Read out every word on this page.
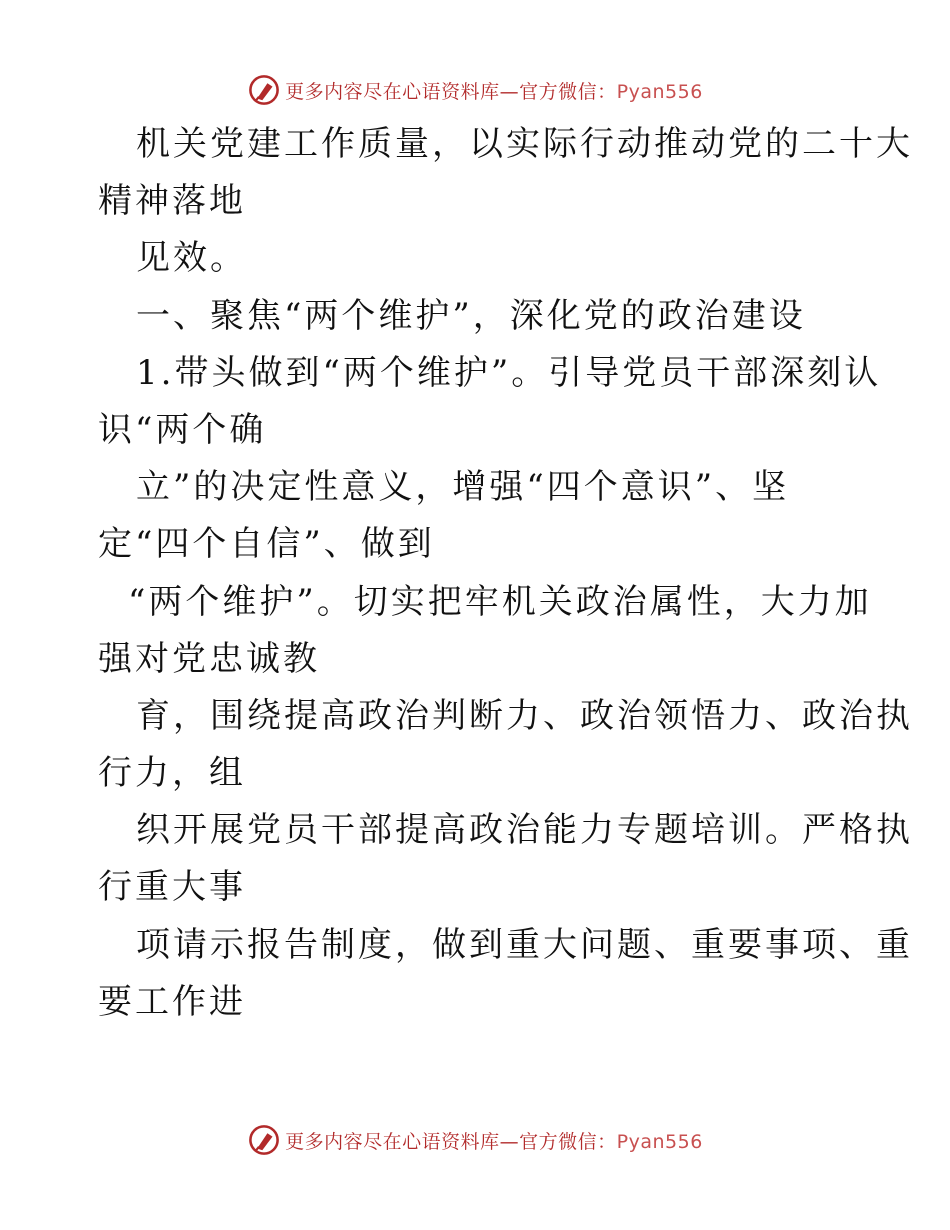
更多内容尽在心语资料库—官方微信：Pyan556
机关党建工作质量，以实际行动推动党的二十大
精神落地
见效。
一、聚焦“两个维护”，深化党的政治建设
1.带头做到“两个维护”。引导党员干部深刻认
识“两个确
立”的决定性意义，增强“四个意识”、坚
定“四个自信”、做到
“两个维护”。切实把牢机关政治属性，大力加
强对党忠诚教
育，围绕提高政治判断力、政治领悟力、政治执
行力，组
织开展党员干部提高政治能力专题培训。严格执
行重大事
项请示报告制度，做到重大问题、重要事项、重
要工作进
更多内容尽在心语资料库—官方微信：Pyan556
